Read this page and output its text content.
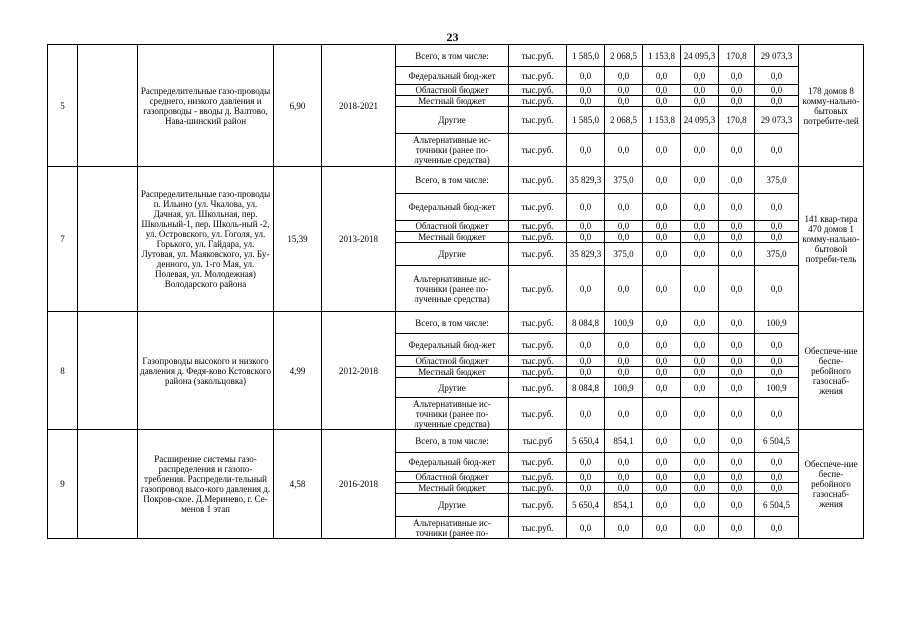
23
5		Распределительные газо-проводы среднего, низкого давления и газопроводы - вводы д. Валтово, Нава-шинский район	6,90	2018-2021	Всего, в том числе:	тыс.руб.	1 585,0	2 068,5	1 153,8	24 095,3	170,8	29 073,3	178 домов 8 комму-нально-бытовых потребите-лей
					Федеральный бюд-жет	тыс.руб.	0,0	0,0	0,0	0,0	0,0	0,0	
					Областной бюджет	тыс.руб.	0,0	0,0	0,0	0,0	0,0	0,0	
					Местный бюджет	тыс.руб.	0,0	0,0	0,0	0,0	0,0	0,0	
					Другие	тыс.руб.	1 585,0	2 068,5	1 153,8	24 095,3	170,8	29 073,3	
					Альтернативные ис-точники (ранее по-лученные средства)	тыс.руб.	0,0	0,0	0,0	0,0	0,0	0,0	
7		Распределительные газо-проводы п. Ильино (ул. Чкалова, ул. Дачная, ул. Школьная, пер. Школьный-1, пер. Школь-ный -2, ул. Островского, ул. Гоголя, ул. Горького, ул. Гайдара, ул. Лутовая, ул. Маяковского, ул. Бу-денного, ул. 1-го Мая, ул. Полевая, ул. Молодежная) Володарского района	15,39	2013-2018	Всего, в том числе:	тыс.руб.	35 829,3	375,0	0,0	0,0	0,0	375,0	141 квар-тира 470 домов 1 комму-нально-бытовой потреби-тель
					Федеральный бюд-жет	тыс.руб.	0,0	0,0	0,0	0,0	0,0	0,0	
					Областной бюджет	тыс.руб.	0,0	0,0	0,0	0,0	0,0	0,0	
					Местный бюджет	тыс.руб.	0,0	0,0	0,0	0,0	0,0	0,0	
					Другие	тыс.руб.	35 829,3	375,0	0,0	0,0	0,0	375,0	
					Альтернативные ис-точники (ранее по-лученные средства)	тыс.руб.	0,0	0,0	0,0	0,0	0,0	0,0	
8		Газопроводы высокого и низкого давления д. Федя-ково Кстовского района (закольцовка)	4,99	2012-2018	Всего, в том числе:	тыс.руб.	8 084,8	100,9	0,0	0,0	0,0	100,9	Обеспече-ние беспе-ребойного газоснаб-жения
					Федеральный бюд-жет	тыс.руб.	0,0	0,0	0,0	0,0	0,0	0,0	
					Областной бюджет	тыс.руб.	0,0	0,0	0,0	0,0	0,0	0,0	
					Местный бюджет	тыс.руб.	0,0	0,0	0,0	0,0	0,0	0,0	
					Другие	тыс.руб.	8 084,8	100,9	0,0	0,0	0,0	100,9	
					Альтернативные ис-точники (ранее по-лученные средства)	тыс.руб.	0,0	0,0	0,0	0,0	0,0	0,0	
9		Расширение системы газо-распределения и газопо-требления. Распредели-тельный газопровод высо-кого давления д. Покров-ское. Д.Меринево, г. Се-менов 1 этап	4,58	2016-2018	Всего, в том числе:	тыс.руб	5 650,4	854,1	0,0	0,0	0,0	6 504,5	Обеспече-ние беспе-ребойного газоснаб-жения
					Федеральный бюд-жет	тыс.руб.	0,0	0,0	0,0	0,0	0,0	0,0	
					Областной бюджет	тыс.руб.	0,0	0,0	0,0	0,0	0,0	0,0	
					Местный бюджет	тыс.руб.	0,0	0,0	0,0	0,0	0,0	0,0	
					Другие	тыс.руб.	5 650,4	854,1	0,0	0,0	0,0	6 504,5	
					Альтернативные ис-точники (ранее по-	тыс.руб.	0,0	0,0	0,0	0,0	0,0	0,0	
